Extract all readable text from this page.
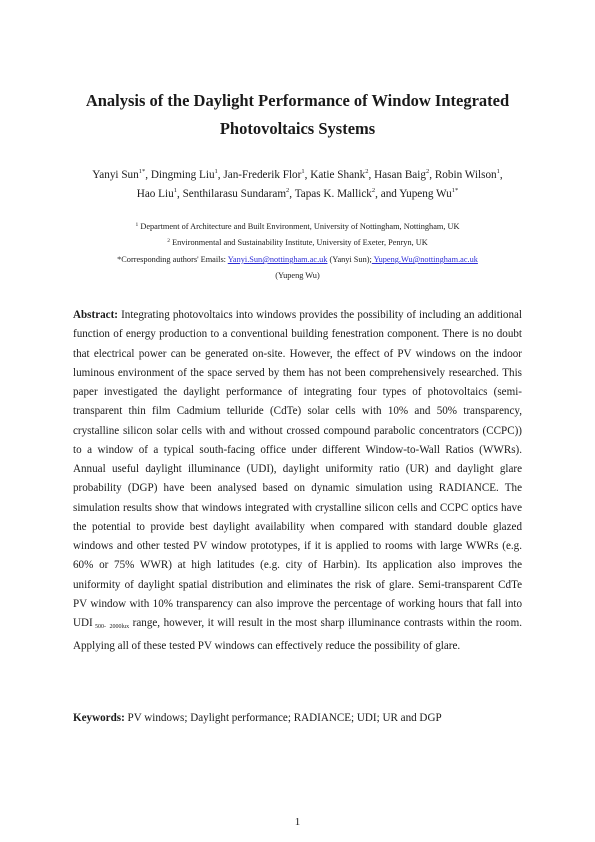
Analysis of the Daylight Performance of Window Integrated
Photovoltaics Systems
Yanyi Sun$^{1*}$, Dingming Liu$^1$, Jan-Frederik Flor$^1$, Katie Shank$^2$, Hasan Baig$^2$, Robin Wilson$^1$,
Hao Liu$^1$, Senthilarasu Sundaram$^2$, Tapas K. Mallick$^2$, and Yupeng $Wu^{1*}$
$^1$ Department of Architecture and Built Environment, University of Nottingham, Nottingham, UK
$^2$ Environmental and Sustainability Institute, University of Exeter, Penryn, UK
*Corresponding authors' Emails: Yanyi.Sun@nottingham.ac.uk (Yanyi Sun); Yupeng.Wu@nottingham.ac.uk
(Yupeng Wu)
Abstract: Integrating photovoltaics into windows provides the possibility of including an additional function of energy production to a conventional building fenestration component. There is no doubt that electrical power can be generated on-site. However, the effect of PV windows on the indoor luminous environment of the space served by them has not been comprehensively researched. This paper investigated the daylight performance of integrating four types of photovoltaics (semi-transparent thin film Cadmium telluride (CdTe) solar cells with 10% and 50% transparency, crystalline silicon solar cells with and without crossed compound parabolic concentrators (CCPC)) to a window of a typical south-facing office under different Window-to-Wall Ratios (WWRs). Annual useful daylight illuminance (UDI), daylight uniformity ratio (UR) and daylight glare probability (DGP) have been analysed based on dynamic simulation using RADIANCE. The simulation results show that windows integrated with crystalline silicon cells and CCPC optics have the potential to provide best daylight availability when compared with standard double glazed windows and other tested PV window prototypes, if it is applied to rooms with large WWRs (e.g. 60% or 75% WWR) at high latitudes (e.g. city of Harbin). Its application also improves the uniformity of daylight spatial distribution and eliminates the risk of glare. Semi-transparent CdTe PV window with 10% transparency can also improve the percentage of working hours that fall into UDI $_{500-}$ $_{2000lux}$ range, however, it will result in the most sharp illuminance contrasts within the room. Applying all of these tested PV windows can effectively reduce the possibility of glare.
Keywords: PV windows; Daylight performance; RADIANCE; UDI; UR and DGP
1
